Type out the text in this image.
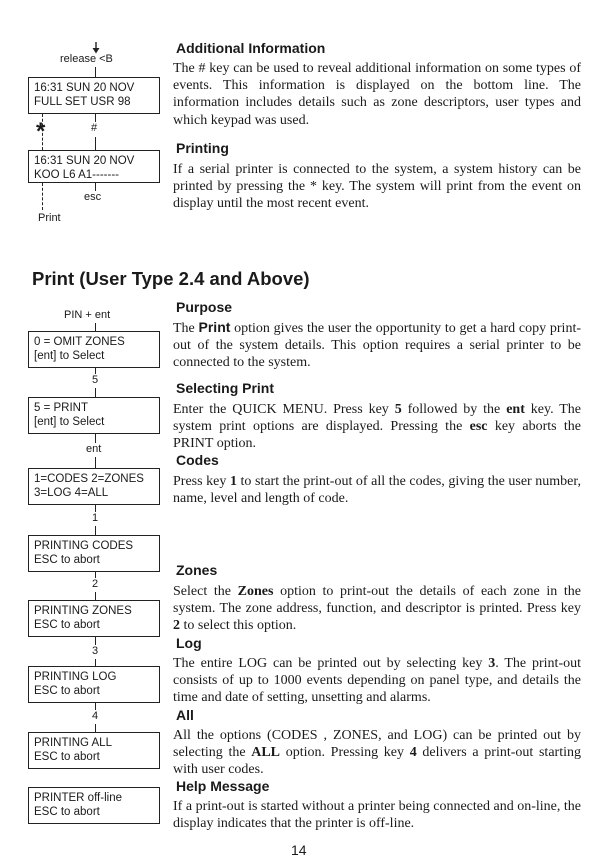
release <B
16:31 SUN 20 NOV
FULL SET USR 98
*	#
16:31 SUN 20 NOV
KOO L6 A1-------
esc
Print
Additional Information
The # key can be used to reveal additional information on some types of events. This information is displayed on the bottom line. The information includes details such as zone descriptors, user types and which keypad was used.
Printing
If a serial printer is connected to the system, a system history can be printed by pressing the * key. The system will print from the event on display until the most recent event.
Print (User Type 2.4 and Above)
PIN + ent
0 = OMIT ZONES
[ent] to Select
5
5 = PRINT
[ent] to Select
ent
1=CODES 2=ZONES
3=LOG 4=ALL
1
PRINTING CODES
ESC to abort
2
PRINTING ZONES
ESC to abort
3
PRINTING LOG
ESC to abort
4
PRINTING ALL
ESC to abort
PRINTER off-line
ESC to abort
Purpose
The Print option gives the user the opportunity to get a hard copy print-out of the system details. This option requires a serial printer to be connected to the system.
Selecting Print
Enter the QUICK MENU. Press key 5 followed by the ent key. The system print options are displayed. Pressing the esc key aborts the PRINT option.
Codes
Press key 1 to start the print-out of all the codes, giving the user number, name, level and length of code.
Zones
Select the Zones option to print-out the details of each zone in the system. The zone address, function, and descriptor is printed. Press key 2 to select this option.
Log
The entire LOG can be printed out by selecting key 3. The print-out consists of up to 1000 events depending on panel type, and details the time and date of setting, unsetting and alarms.
All
All the options (CODES , ZONES, and LOG) can be printed out by selecting the ALL option. Pressing key 4 delivers a print-out starting with user codes.
Help Message
If a print-out is started without a printer being connected and on-line, the display indicates that the printer is off-line.
14
